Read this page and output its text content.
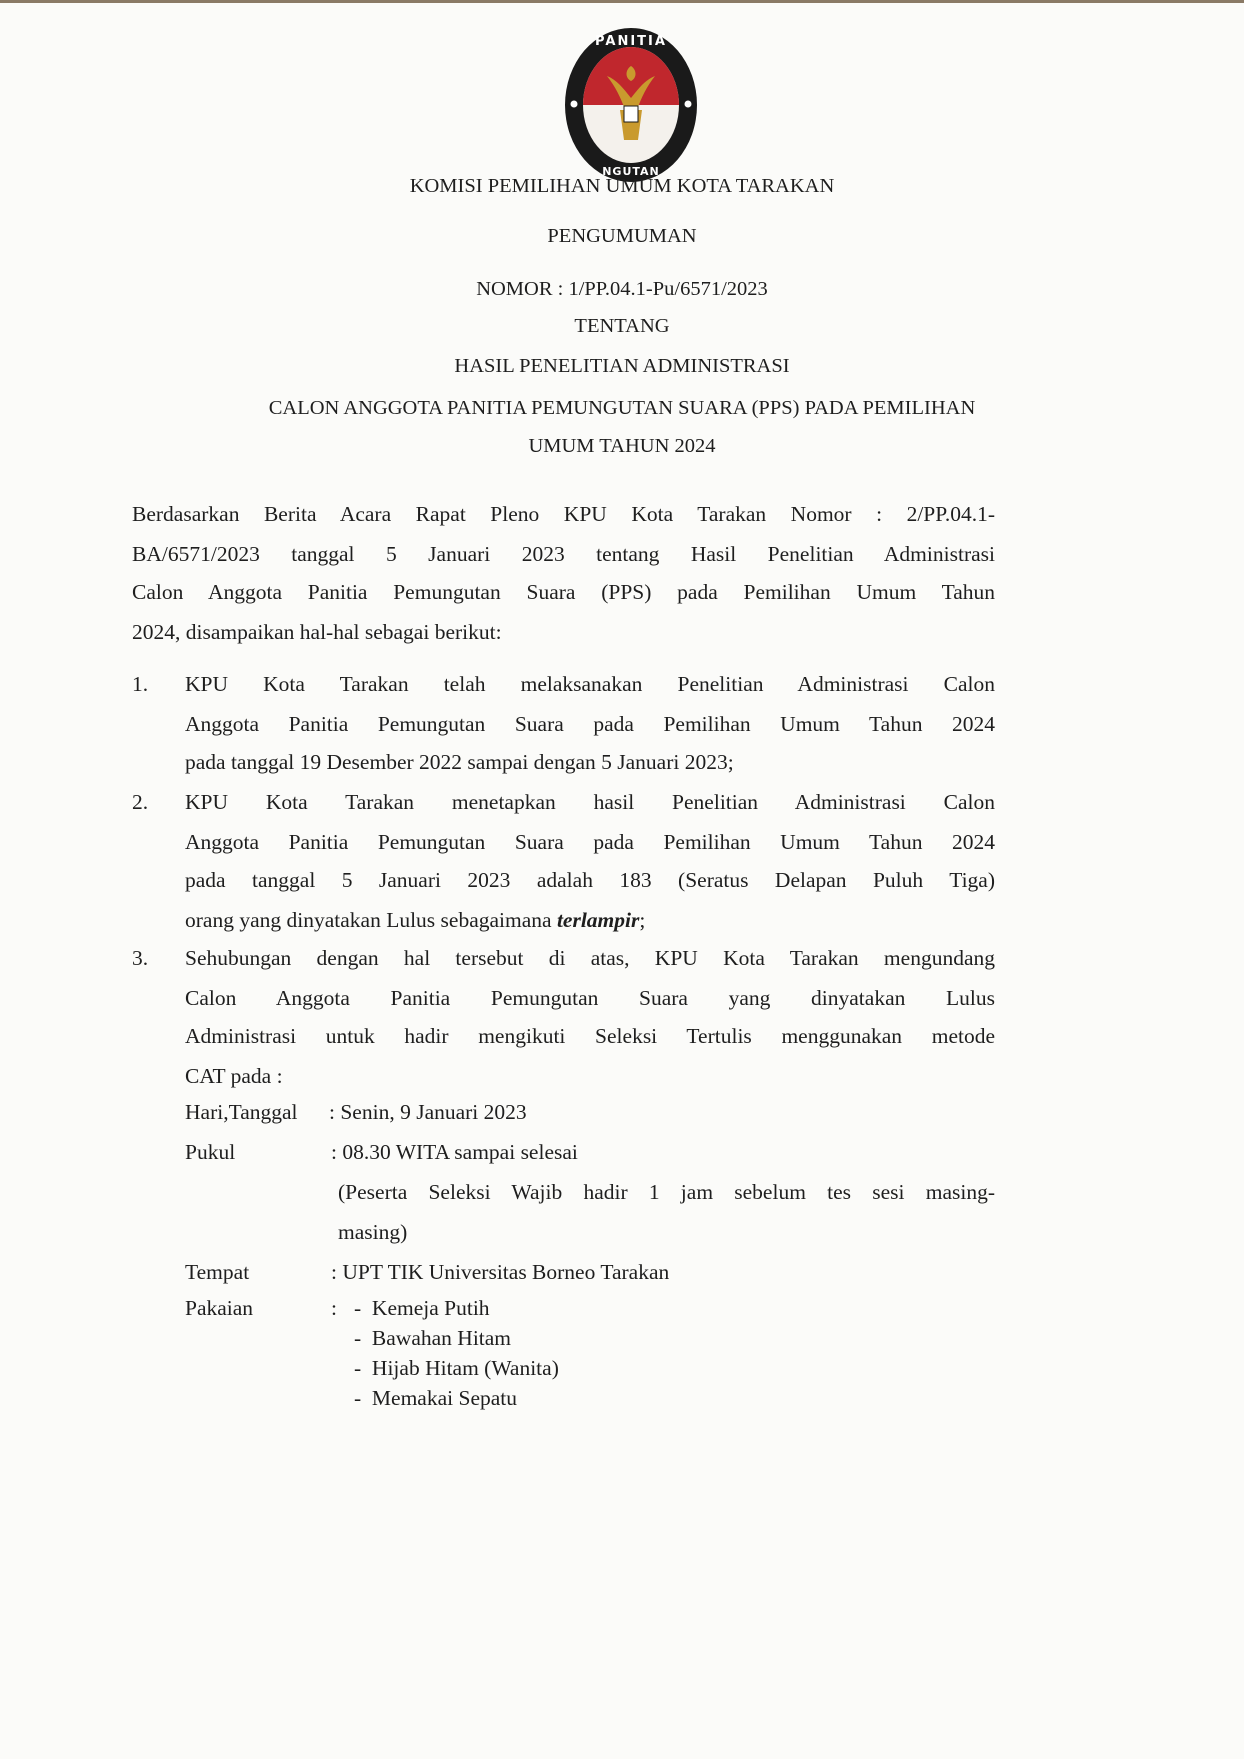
PANITIA
NGUTAN
KOMISI PEMILIHAN UMUM KOTA TARAKAN
PENGUMUMAN
NOMOR : 1/PP.04.1-Pu/6571/2023
TENTANG
HASIL PENELITIAN ADMINISTRASI
CALON ANGGOTA PANITIA PEMUNGUTAN SUARA (PPS) PADA PEMILIHAN
UMUM TAHUN 2024
Berdasarkan Berita Acara Rapat Pleno KPU Kota Tarakan Nomor : 2/PP.04.1-
BA/6571/2023 tanggal 5 Januari 2023 tentang Hasil Penelitian Administrasi
Calon Anggota Panitia Pemungutan Suara (PPS) pada Pemilihan Umum Tahun
2024, disampaikan hal-hal sebagai berikut:
1. KPU Kota Tarakan telah melaksanakan Penelitian Administrasi Calon
Anggota Panitia Pemungutan Suara pada Pemilihan Umum Tahun 2024
pada tanggal 19 Desember 2022 sampai dengan 5 Januari 2023;
2. KPU Kota Tarakan menetapkan hasil Penelitian Administrasi Calon
Anggota Panitia Pemungutan Suara pada Pemilihan Umum Tahun 2024
pada tanggal 5 Januari 2023 adalah 183 (Seratus Delapan Puluh Tiga)
orang yang dinyatakan Lulus sebagaimana terlampir;
3. Sehubungan dengan hal tersebut di atas, KPU Kota Tarakan mengundang
Calon Anggota Panitia Pemungutan Suara yang dinyatakan Lulus
Administrasi untuk hadir mengikuti Seleksi Tertulis menggunakan metode
CAT pada :
Hari,Tanggal : Senin, 9 Januari 2023
Pukul	: 08.30 WITA sampai selesai
(Peserta Seleksi Wajib hadir 1 jam sebelum tes sesi masing-
masing)
Tempat	: UPT TIK Universitas Borneo Tarakan
Pakaian	: -  Kemeja Putih
-  Bawahan Hitam
-  Hijab Hitam (Wanita)
-  Memakai Sepatu
